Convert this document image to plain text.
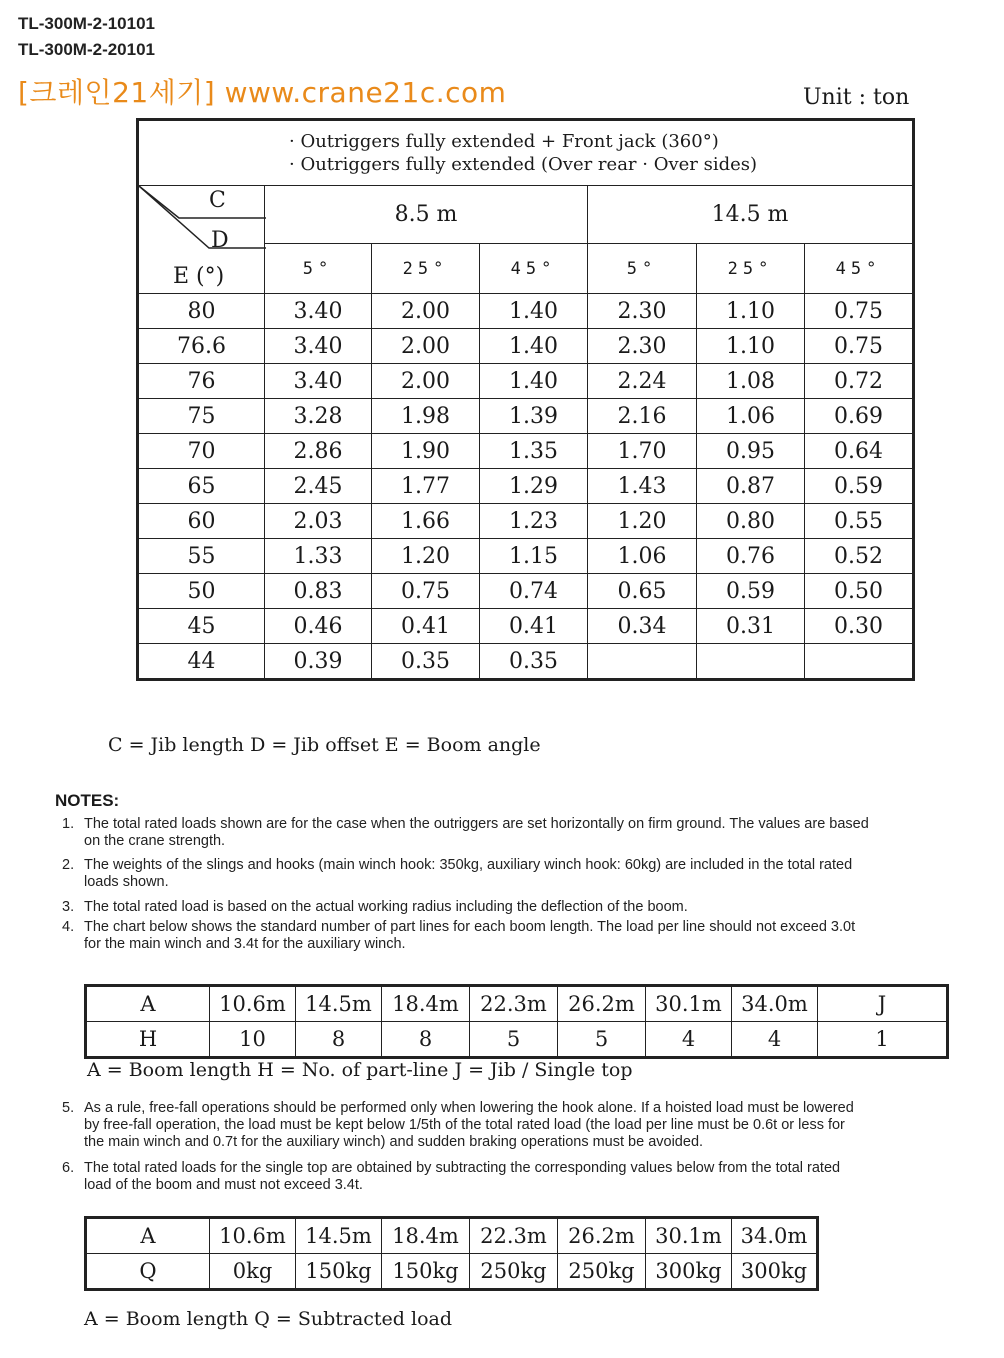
TL-300M-2-10101
TL-300M-2-20101
[크레인21세기] www.crane21c.com	Unit : ton
· Outriggers fully extended + Front jack (360°)
· Outriggers fully extended (Over rear · Over sides)						

C
D
E (°)	8.5 m			14.5 m		
	5°	25°	45°	5°	25°	45°
80	3.40	2.00	1.40	2.30	1.10	0.75
76.6	3.40	2.00	1.40	2.30	1.10	0.75
76	3.40	2.00	1.40	2.24	1.08	0.72
75	3.28	1.98	1.39	2.16	1.06	0.69
70	2.86	1.90	1.35	1.70	0.95	0.64
65	2.45	1.77	1.29	1.43	0.87	0.59
60	2.03	1.66	1.23	1.20	0.80	0.55
55	1.33	1.20	1.15	1.06	0.76	0.52
50	0.83	0.75	0.74	0.65	0.59	0.50
45	0.46	0.41	0.41	0.34	0.31	0.30
44	0.39	0.35	0.35			
C = Jib length D = Jib offset E = Boom angle
NOTES:
1. The total rated loads shown are for the case when the outriggers are set horizontally on firm ground. The values are based
on the crane strength.
2. The weights of the slings and hooks (main winch hook: 350kg, auxiliary winch hook: 60kg) are included in the total rated
loads shown.
3. The total rated load is based on the actual working radius including the deflection of the boom.
4. The chart below shows the standard number of part lines for each boom length. The load per line should not exceed 3.0t
for the main winch and 3.4t for the auxiliary winch.
A	10.6m	14.5m	18.4m	22.3m	26.2m	30.1m	34.0m	J
H	10	8	8	5	5	4	4	1
A = Boom length H = No. of part-line J = Jib / Single top
5. As a rule, free-fall operations should be performed only when lowering the hook alone. If a hoisted load must be lowered
by free-fall operation, the load must be kept below 1/5th of the total rated load (the load per line must be 0.6t or less for
the main winch and 0.7t for the auxiliary winch) and sudden braking operations must be avoided.
6. The total rated loads for the single top are obtained by subtracting the corresponding values below from the total rated
load of the boom and must not exceed 3.4t.
A	10.6m	14.5m	18.4m	22.3m	26.2m	30.1m	34.0m
Q	0kg	150kg	150kg	250kg	250kg	300kg	300kg
A = Boom length Q = Subtracted load
